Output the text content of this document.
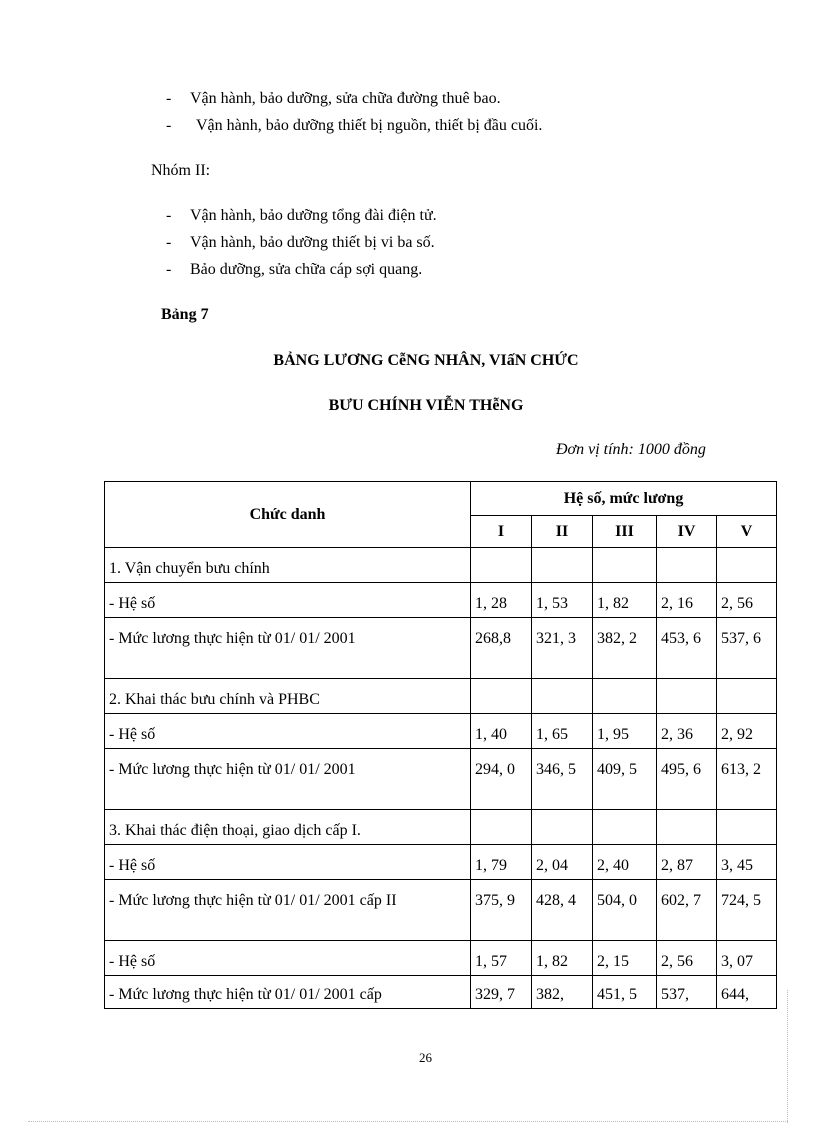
- Vận hành, bảo dưỡng, sửa chữa đường thuê bao.
- Vận hành, bảo dưỡng thiết bị nguồn, thiết bị đầu cuối.
Nhóm II:
- Vận hành, bảo dưỡng tổng đài điện tử.
- Vận hành, bảo dưỡng thiết bị vi ba số.
- Bảo dưỡng, sửa chữa cáp sợi quang.
Bảng 7
BẢNG LƯƠNG CễNG NHÂN, VIấN CHỨC
BƯU CHÍNH VIỄN THễNG
Đơn vị tính: 1000 đồng
Chức danh	Hệ số, mức lương				
	I	II	III	IV	V
1. Vận chuyển bưu chính					
- Hệ số	1, 28	1, 53	1, 82	2, 16	2, 56
- Mức lương thực hiện từ 01/ 01/ 2001	268,8	321, 3	382, 2	453, 6	537, 6
2. Khai thác bưu chính và PHBC					
- Hệ số	1, 40	1, 65	1, 95	2, 36	2, 92
- Mức lương thực hiện từ 01/ 01/ 2001	294, 0	346, 5	409, 5	495, 6	613, 2
3. Khai thác điện thoại, giao dịch cấp I.					
- Hệ số	1, 79	2, 04	2, 40	2, 87	3, 45
- Mức lương thực hiện từ 01/ 01/ 2001 cấp II	375, 9	428, 4	504, 0	602, 7	724, 5
- Hệ số	1, 57	1, 82	2, 15	2, 56	3, 07
- Mức lương thực hiện từ 01/ 01/ 2001 cấp	329, 7	382,	451, 5	537,	644,
26
